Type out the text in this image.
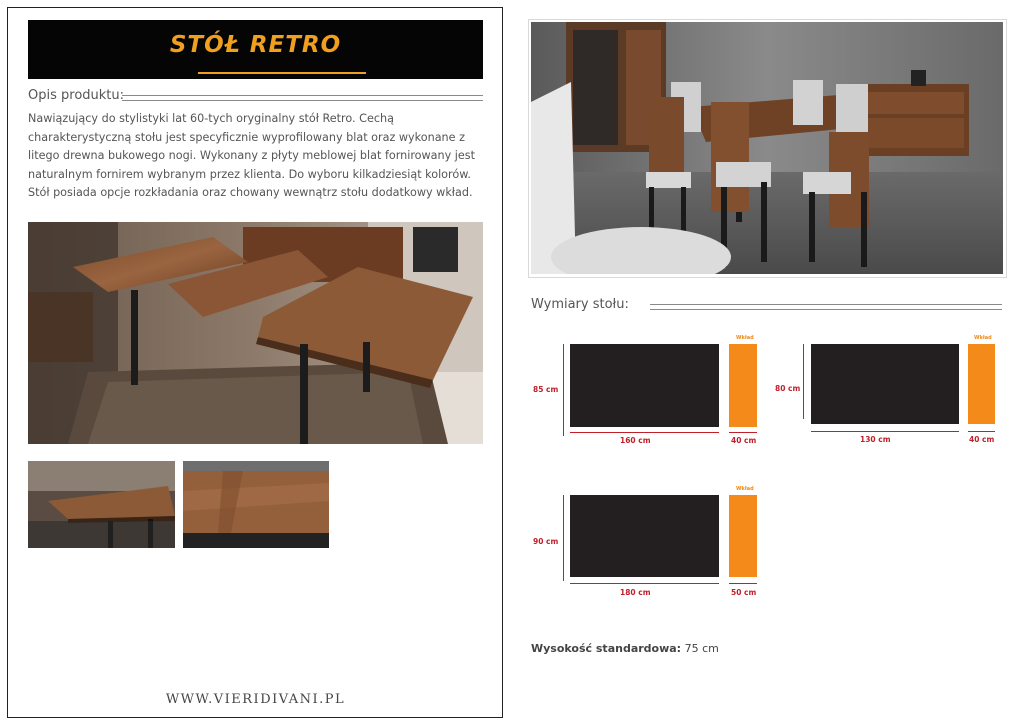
STÓŁ RETRO
Opis produktu:
Nawiązujący do stylistyki lat 60-tych oryginalny stół Retro. Cechą charakterystyczną stołu jest specyficznie wyprofilowany blat oraz wykonane z litego drewna bukowego nogi. Wykonany z płyty meblowej blat fornirowany jest naturalnym fornirem wybranym przez klienta. Do wyboru kilkadziesiąt kolorów. Stół posiada opcje rozkładania oraz chowany wewnątrz stołu dodatkowy wkład.
WWW.VIERIDIVANI.PL
Wymiary stołu:
85 cm
160 cm
Wkład
40 cm
80 cm
130 cm
Wkład
40 cm
90 cm
180 cm
Wkład
50 cm
Wysokość standardowa: 75 cm
